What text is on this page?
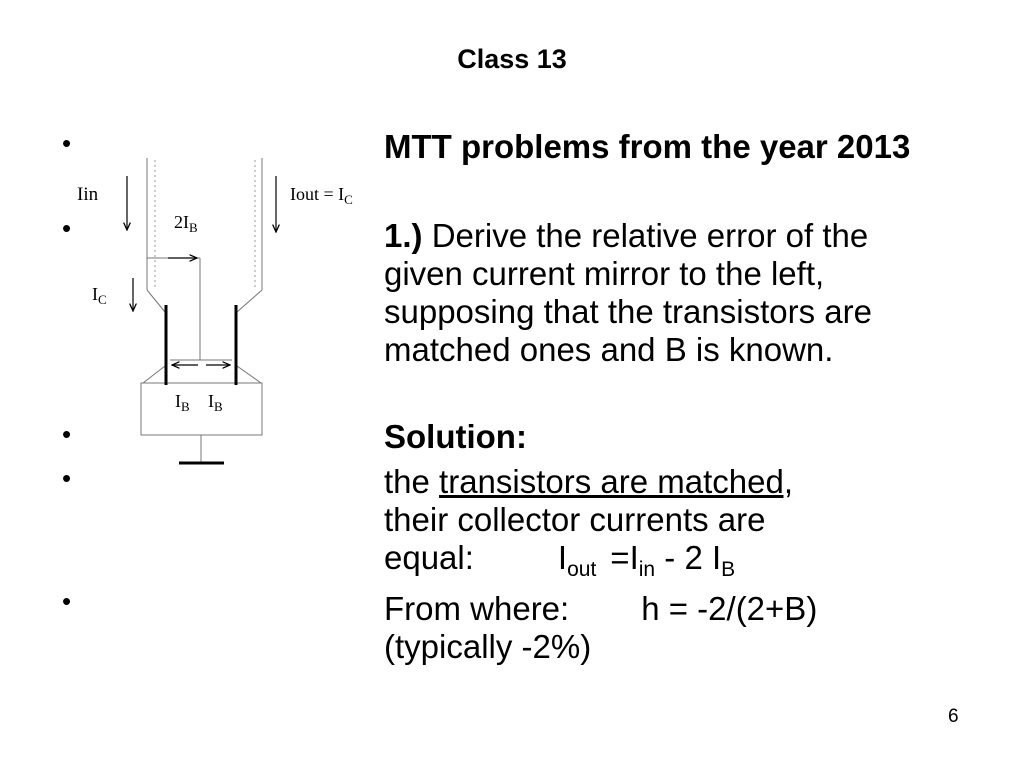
Class 13
Iin	Iout = $I_C$
$2I_B$
$I_C$
$I_B$ $I_B$
•
•
•
•
•
MTT problems from the year 2013
1.) Derive the relative error of the given current mirror to the left, supposing that the transistors are matched ones and B is known.
Solution:
the transistors are matched,
their collector currents are
equal:	$I_{out} =I_{in} - 2$ $I_B$
From where: h = -2/(2+B)
(typically -2%)
6
